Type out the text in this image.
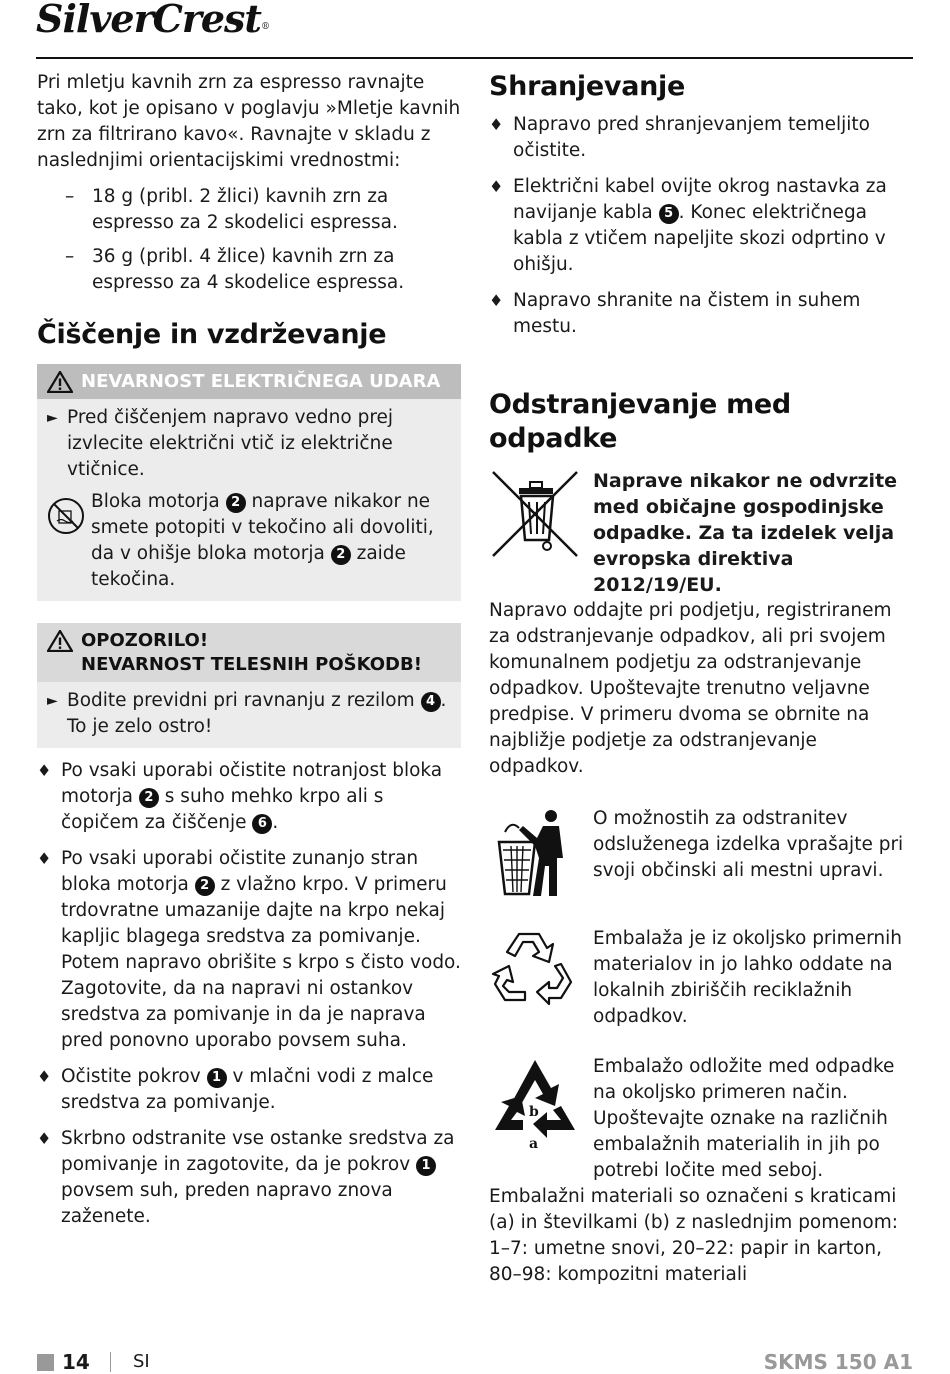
SilverCrest®

Pri mletju kavnih zrn za espresso ravnajte tako, kot je opisano v poglavju »Mletje kavnih zrn za filtrirano kavo«. Ravnajte v skladu z naslednjimi orientacijskimi vrednostmi:

– 18 g (pribl. 2 žlici) kavnih zrn za espresso za 2 skodelici espressa.
– 36 g (pribl. 4 žlice) kavnih zrn za espresso za 4 skodelice espressa.
Čiščenje in vzdrževanje
NEVARNOST ELEKTRIČNEGA UDARA
► Pred čiščenjem napravo vedno prej izvlecite električni vtič iz električne vtičnice.
Bloka motorja 2 naprave nikakor ne smete potopiti v tekočino ali dovoliti, da v ohišje bloka motorja 2 zaide tekočina.
OPOZORILO!
NEVARNOST TELESNIH POŠKODB!
► Bodite previdni pri ravnanju z rezilom 4 . To je zelo ostro!
♦ Po vsaki uporabi očistite notranjost bloka motorja 2 s suho mehko krpo ali s čopičem za čiščenje 6 .
♦ Po vsaki uporabi očistite zunanjo stran bloka motorja 2 z vlažno krpo. V primeru trdovratne umazanije dajte na krpo nekaj kapljic blagega sredstva za pomivanje. Potem napravo obrišite s krpo s čisto vodo. Zagotovite, da na napravi ni ostankov sredstva za pomivanje in da je naprava pred ponovno uporabo povsem suha.
♦ Očistite pokrov 1 v mlačni vodi z malce sredstva za pomivanje.
♦ Skrbno odstranite vse ostanke sredstva za pomivanje in zagotovite, da je pokrov 1 povsem suh, preden napravo znova zaženete.
Shranjevanje
♦ Napravo pred shranjevanjem temeljito očistite.
♦ Električni kabel ovijte okrog nastavka za navijanje kabla 5 . Konec električnega kabla z vtičem napeljite skozi odprtino v ohišju.
♦ Napravo shranite na čistem in suhem mestu.
Odstranjevanje med odpadke
Naprave nikakor ne odvrzite med običajne gospodinjske odpadke. Za ta izdelek velja evropska direktiva 2012/19/EU.

Napravo oddajte pri podjetju, registriranem za odstranjevanje odpadkov, ali pri svojem komunalnem podjetju za odstranjevanje odpadkov. Upoštevajte trenutno veljavne predpise. V primeru dvoma se obrnite na najbližje podjetje za odstranjevanje odpadkov.

O možnostih za odstranitev odsluženega izdelka vprašajte pri svoji občinski ali mestni upravi.
Embalaža je iz okoljsko primernih materialov in jo lahko oddate na lokalnih zbiriščih reciklažnih odpadkov.
b
a
Embalažo odložite med odpadke na okoljsko primeren način. Upoštevajte oznake na različnih embalažnih materialih in jih po potrebi ločite med seboj.

Embalažni materiali so označeni s kraticami (a) in številkami (b) z naslednjim pomenom: 1–7: umetne snovi, 20–22: papir in karton, 80–98: kompozitni materiali

14 SI	SKMS 150 A1
